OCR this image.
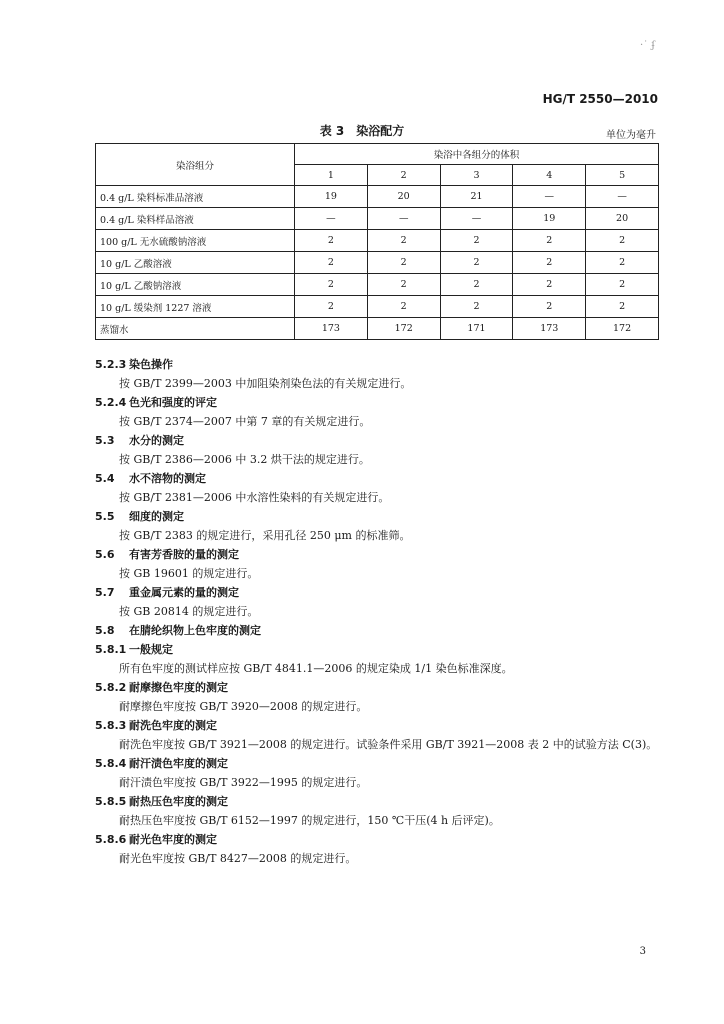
·˙ ʄ
HG/T 2550—2010
表 3　染浴配方	单位为毫升
染浴组分	染浴中各组分的体积				
	1	2	3	4	5
0.4 g/L 染料标准品溶液	19	20	21	—	—
0.4 g/L 染料样品溶液	—	—	—	19	20
100 g/L 无水硫酸钠溶液	2	2	2	2	2
10 g/L 乙酸溶液	2	2	2	2	2
10 g/L 乙酸钠溶液	2	2	2	2	2
10 g/L 缓染剂 1227 溶液	2	2	2	2	2
蒸馏水	173	172	171	173	172
5.2.3 染色操作
按 GB/T 2399—2003 中加阻染剂染色法的有关规定进行。
5.2.4 色光和强度的评定
按 GB/T 2374—2007 中第 7 章的有关规定进行。
5.3 水分的测定
按 GB/T 2386—2006 中 3.2 烘干法的规定进行。
5.4 水不溶物的测定
按 GB/T 2381—2006 中水溶性染料的有关规定进行。
5.5 细度的测定
按 GB/T 2383 的规定进行，采用孔径 250 μm 的标准筛。
5.6 有害芳香胺的量的测定
按 GB 19601 的规定进行。
5.7 重金属元素的量的测定
按 GB 20814 的规定进行。
5.8 在腈纶织物上色牢度的测定
5.8.1 一般规定
所有色牢度的测试样应按 GB/T 4841.1—2006 的规定染成 1/1 染色标准深度。
5.8.2 耐摩擦色牢度的测定
耐摩擦色牢度按 GB/T 3920—2008 的规定进行。
5.8.3 耐洗色牢度的测定
耐洗色牢度按 GB/T 3921—2008 的规定进行。试验条件采用 GB/T 3921—2008 表 2 中的试验方法 C(3)。
5.8.4 耐汗渍色牢度的测定
耐汗渍色牢度按 GB/T 3922—1995 的规定进行。
5.8.5 耐热压色牢度的测定
耐热压色牢度按 GB/T 6152—1997 的规定进行，150 ℃干压(4 h 后评定)。
5.8.6 耐光色牢度的测定
耐光色牢度按 GB/T 8427—2008 的规定进行。
3
